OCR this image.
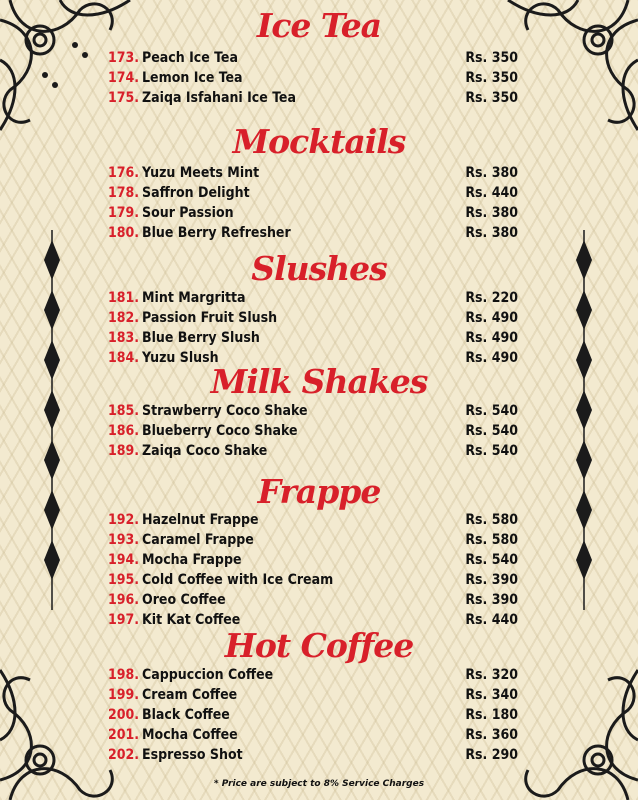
Ice Tea
173. Peach Ice Tea	Rs. 350
174. Lemon Ice Tea	Rs. 350
175. Zaiqa Isfahani Ice Tea	Rs. 350
Mocktails
176. Yuzu Meets Mint	Rs. 380
178. Saffron Delight	Rs. 440
179. Sour Passion	Rs. 380
180. Blue Berry Refresher	Rs. 380
Slushes
181. Mint Margritta	Rs. 220
182. Passion Fruit Slush	Rs. 490
183. Blue Berry Slush	Rs. 490
184. Yuzu Slush	Rs. 490
Milk Shakes
185. Strawberry Coco Shake	Rs. 540
186. Blueberry Coco Shake	Rs. 540
189. Zaiqa Coco Shake	Rs. 540
Frappe
192. Hazelnut Frappe	Rs. 580
193. Caramel Frappe	Rs. 580
194. Mocha Frappe	Rs. 540
195. Cold Coffee with Ice Cream	Rs. 390
196. Oreo Coffee	Rs. 390
197. Kit Kat Coffee	Rs. 440
Hot Coffee
198. Cappuccion Coffee	Rs. 320
199. Cream Coffee	Rs. 340
200. Black Coffee	Rs. 180
201. Mocha Coffee	Rs. 360
202. Espresso Shot	Rs. 290
* Price are subject to 8% Service Charges
